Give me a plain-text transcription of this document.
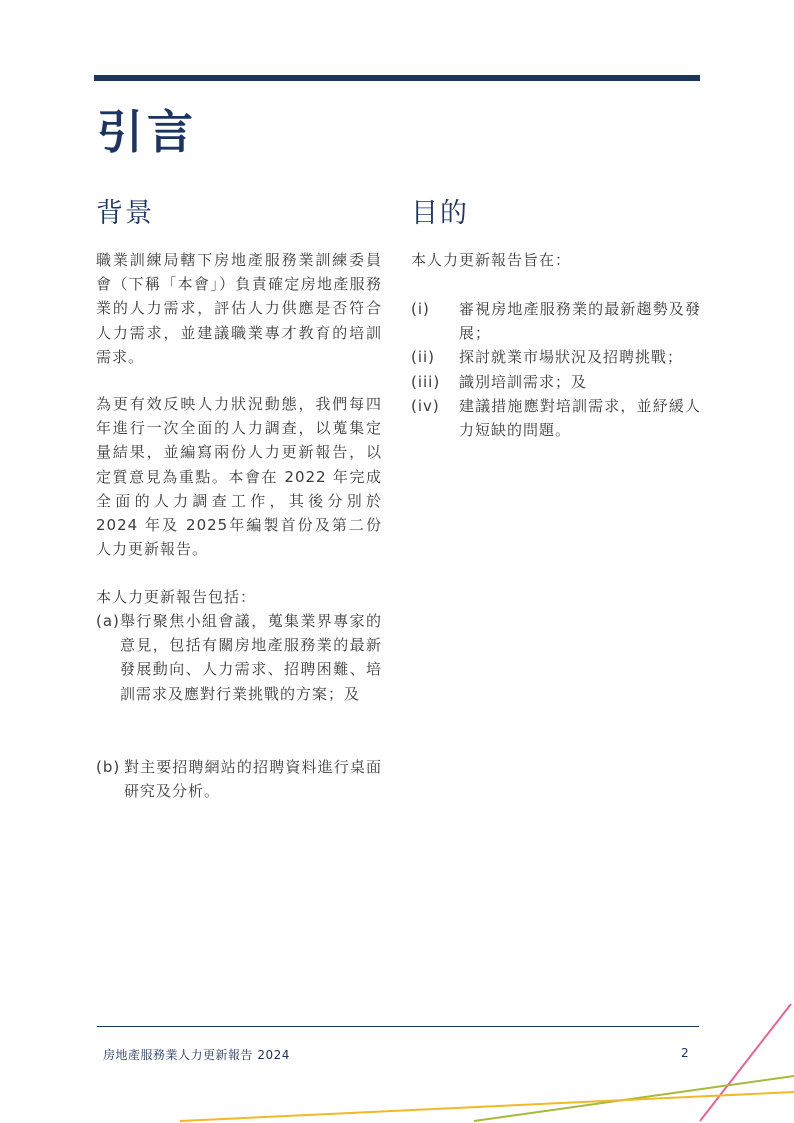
引言
背景

職業訓練局轄下房地產服務業訓練委員會（下稱「本會」）負責確定房地產服務業的人力需求，評估人力供應是否符合人力需求，並建議職業專才教育的培訓需求。

為更有效反映人力狀況動態，我們每四年進行一次全面的人力調查，以蒐集定量結果，並編寫兩份人力更新報告，以定質意見為重點。本會在 2022 年完成全面的人力調查工作，其後分別於 2024 年及 2025年編製首份及第二份人力更新報告。

本人力更新報告包括：

(a) 舉行聚焦小組會議，蒐集業界專家的意見，包括有關房地產服務業的最新發展動向、人力需求、招聘困難、培訓需求及應對行業挑戰的方案；及
(b) 對主要招聘網站的招聘資料進行桌面研究及分析。
目的

本人力更新報告旨在：

(i)	審視房地產服務業的最新趨勢及發展；
(ii)	探討就業市場狀況及招聘挑戰；
(iii)	識別培訓需求；及
(iv)	建議措施應對培訓需求，並紓緩人力短缺的問題。
房地產服務業人力更新報告 2024	2
